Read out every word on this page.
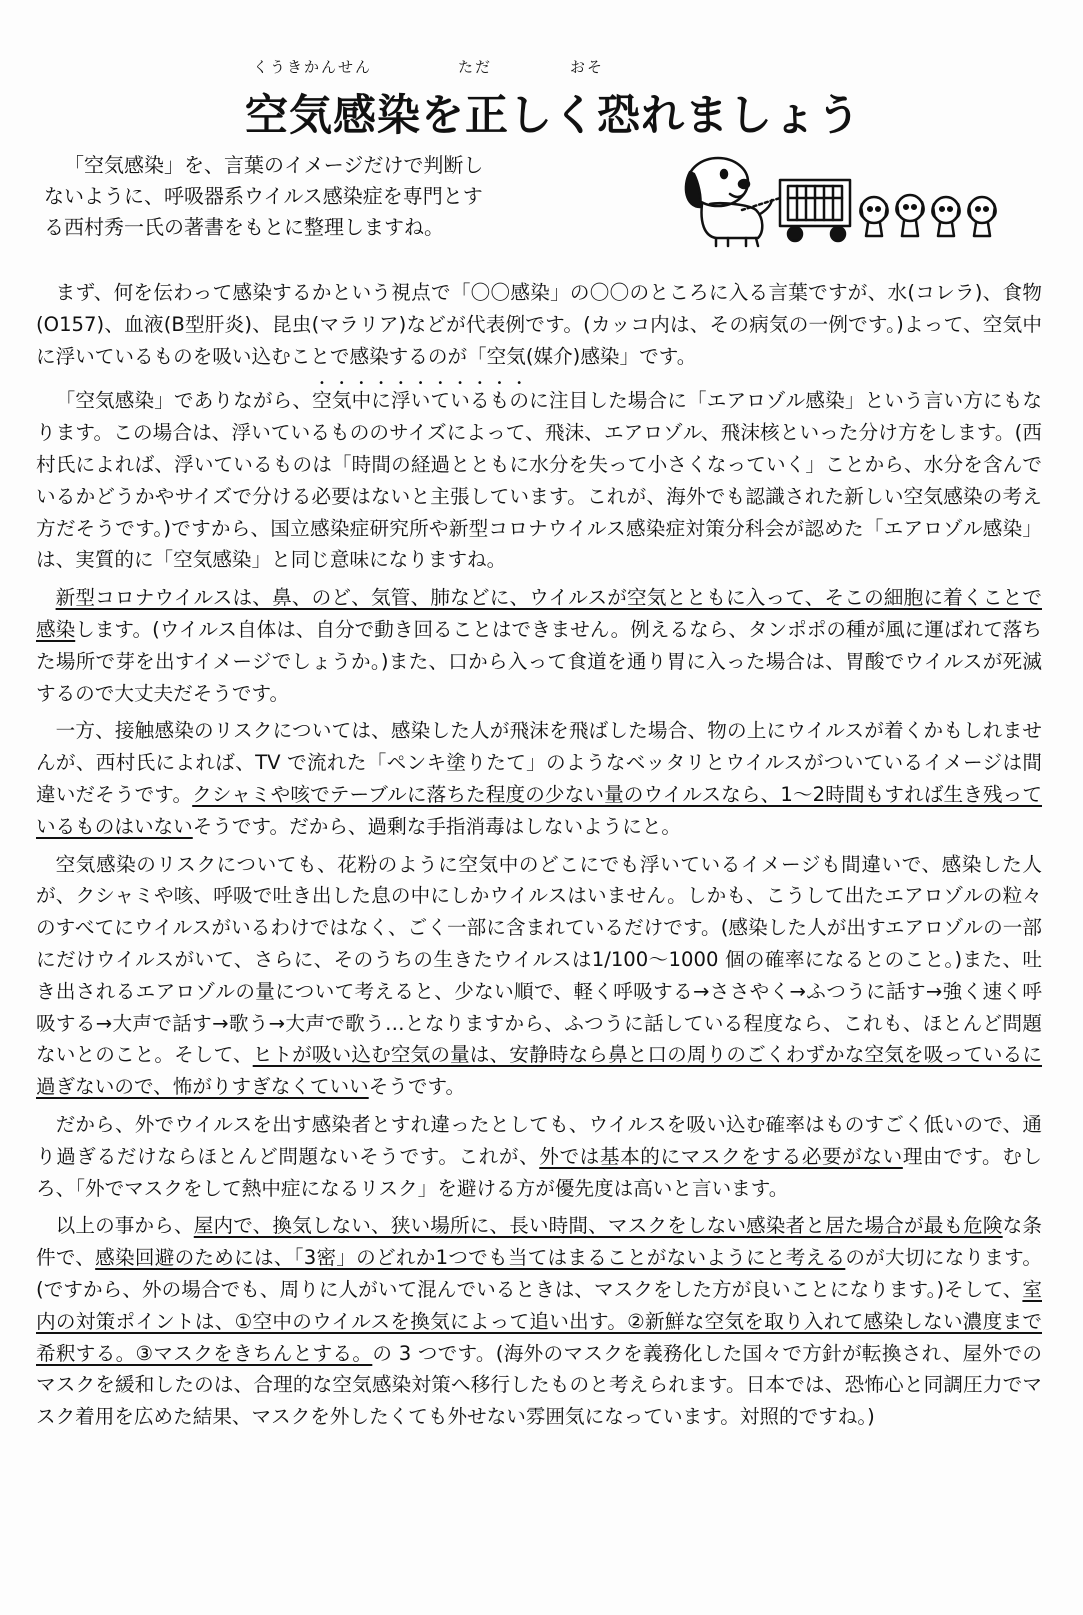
くうきかんせん	ただ	おそ
空気感染を正しく恐れましょう

「空気感染」を、言葉のイメージだけで判断しないように、呼吸器系ウイルス感染症を専門とする西村秀一氏の著書をもとに整理しますね。

まず、何を伝わって感染するかという視点で「〇〇感染」の〇〇のところに入る言葉ですが、水(コレラ)、食物(O157)、血液(B型肝炎)、昆虫(マラリア)などが代表例です。(カッコ内は、その病気の一例です。)よって、空気中に浮いているものを吸い込むことで感染するのが「空気(媒介)感染」です。

「空気感染」でありながら、空気中に浮いているものに注目した場合に「エアロゾル感染」という言い方にもなります。この場合は、浮いているもののサイズによって、飛沫、エアロゾル、飛沫核といった分け方をします。(西村氏によれば、浮いているものは「時間の経過とともに水分を失って小さくなっていく」ことから、水分を含んでいるかどうかやサイズで分ける必要はないと主張しています。これが、海外でも認識された新しい空気感染の考え方だそうです。)ですから、国立感染症研究所や新型コロナウイルス感染症対策分科会が認めた「エアロゾル感染」は、実質的に「空気感染」と同じ意味になりますね。

新型コロナウイルスは、鼻、のど、気管、肺などに、ウイルスが空気とともに入って、そこの細胞に着くことで感染します。(ウイルス自体は、自分で動き回ることはできません。例えるなら、タンポポの種が風に運ばれて落ちた場所で芽を出すイメージでしょうか。)また、口から入って食道を通り胃に入った場合は、胃酸でウイルスが死滅するので大丈夫だそうです。

一方、接触感染のリスクについては、感染した人が飛沫を飛ばした場合、物の上にウイルスが着くかもしれませんが、西村氏によれば、TV で流れた「ペンキ塗りたて」のようなベッタリとウイルスがついているイメージは間違いだそうです。クシャミや咳でテーブルに落ちた程度の少ない量のウイルスなら、1〜2時間もすれば生き残っているものはいないそうです。だから、過剰な手指消毒はしないようにと。

空気感染のリスクについても、花粉のように空気中のどこにでも浮いているイメージも間違いで、感染した人が、クシャミや咳、呼吸で吐き出した息の中にしかウイルスはいません。しかも、こうして出たエアロゾルの粒々のすべてにウイルスがいるわけではなく、ごく一部に含まれているだけです。(感染した人が出すエアロゾルの一部にだけウイルスがいて、さらに、そのうちの生きたウイルスは1/100〜1000 個の確率になるとのこと。)また、吐き出されるエアロゾルの量について考えると、少ない順で、軽く呼吸する→ささやく→ふつうに話す→強く速く呼吸する→大声で話す→歌う→大声で歌う…となりますから、ふつうに話している程度なら、これも、ほとんど問題ないとのこと。そして、ヒトが吸い込む空気の量は、安静時なら鼻と口の周りのごくわずかな空気を吸っているに過ぎないので、怖がりすぎなくていいそうです。

だから、外でウイルスを出す感染者とすれ違ったとしても、ウイルスを吸い込む確率はものすごく低いので、通り過ぎるだけならほとんど問題ないそうです。これが、外では基本的にマスクをする必要がない理由です。むしろ、「外でマスクをして熱中症になるリスク」を避ける方が優先度は高いと言います。

以上の事から、屋内で、換気しない、狭い場所に、長い時間、マスクをしない感染者と居た場合が最も危険な条件で、感染回避のためには、「3密」のどれか1つでも当てはまることがないようにと考えるのが大切になります。(ですから、外の場合でも、周りに人がいて混んでいるときは、マスクをした方が良いことになります。)そして、室内の対策ポイントは、①空中のウイルスを換気によって追い出す。②新鮮な空気を取り入れて感染しない濃度まで希釈する。③マスクをきちんとする。の 3 つです。(海外のマスクを義務化した国々で方針が転換され、屋外でのマスクを緩和したのは、合理的な空気感染対策へ移行したものと考えられます。日本では、恐怖心と同調圧力でマスク着用を広めた結果、マスクを外したくても外せない雰囲気になっています。対照的ですね。)
